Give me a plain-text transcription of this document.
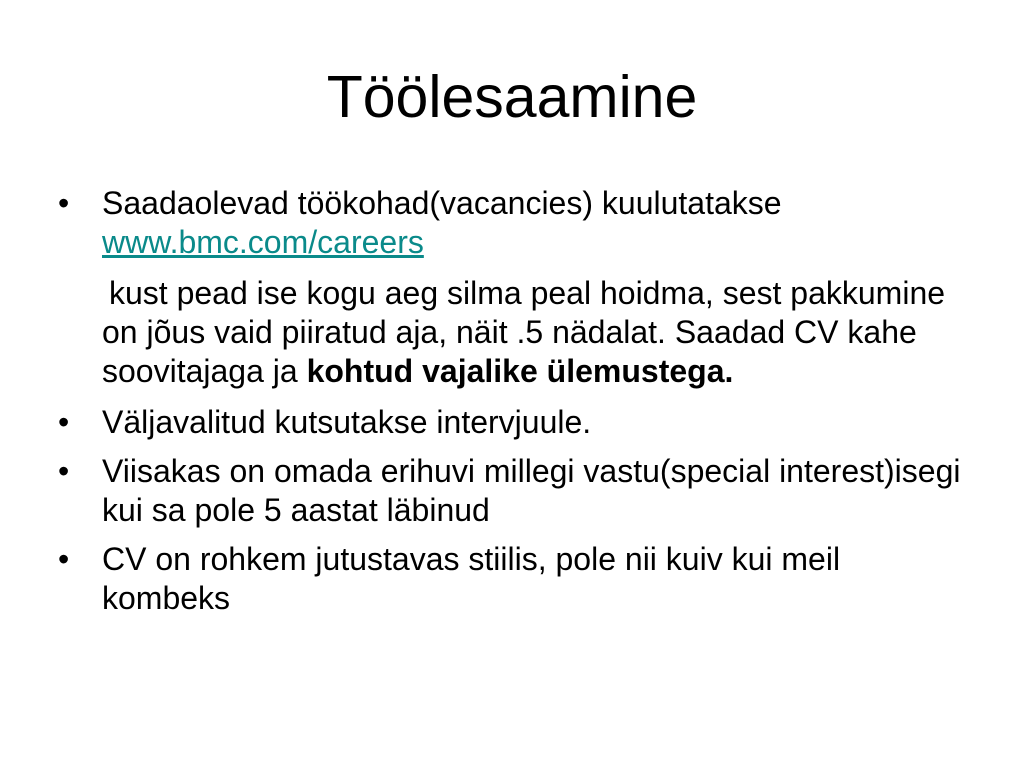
Töölesaamine
• Saadaolevad töökohad(vacancies) kuulutatakse www.bmc.com/careers
kust pead ise kogu aeg silma peal hoidma, sest pakkumine on jõus vaid piiratud aja, näit .5 nädalat. Saadad CV kahe soovitajaga ja kohtud vajalike ülemustega.
• Väljavalitud kutsutakse intervjuule.
• Viisakas on omada erihuvi millegi vastu(special interest)isegi kui sa pole 5 aastat läbinud
• CV on rohkem jutustavas stiilis, pole nii kuiv kui meil kombeks
